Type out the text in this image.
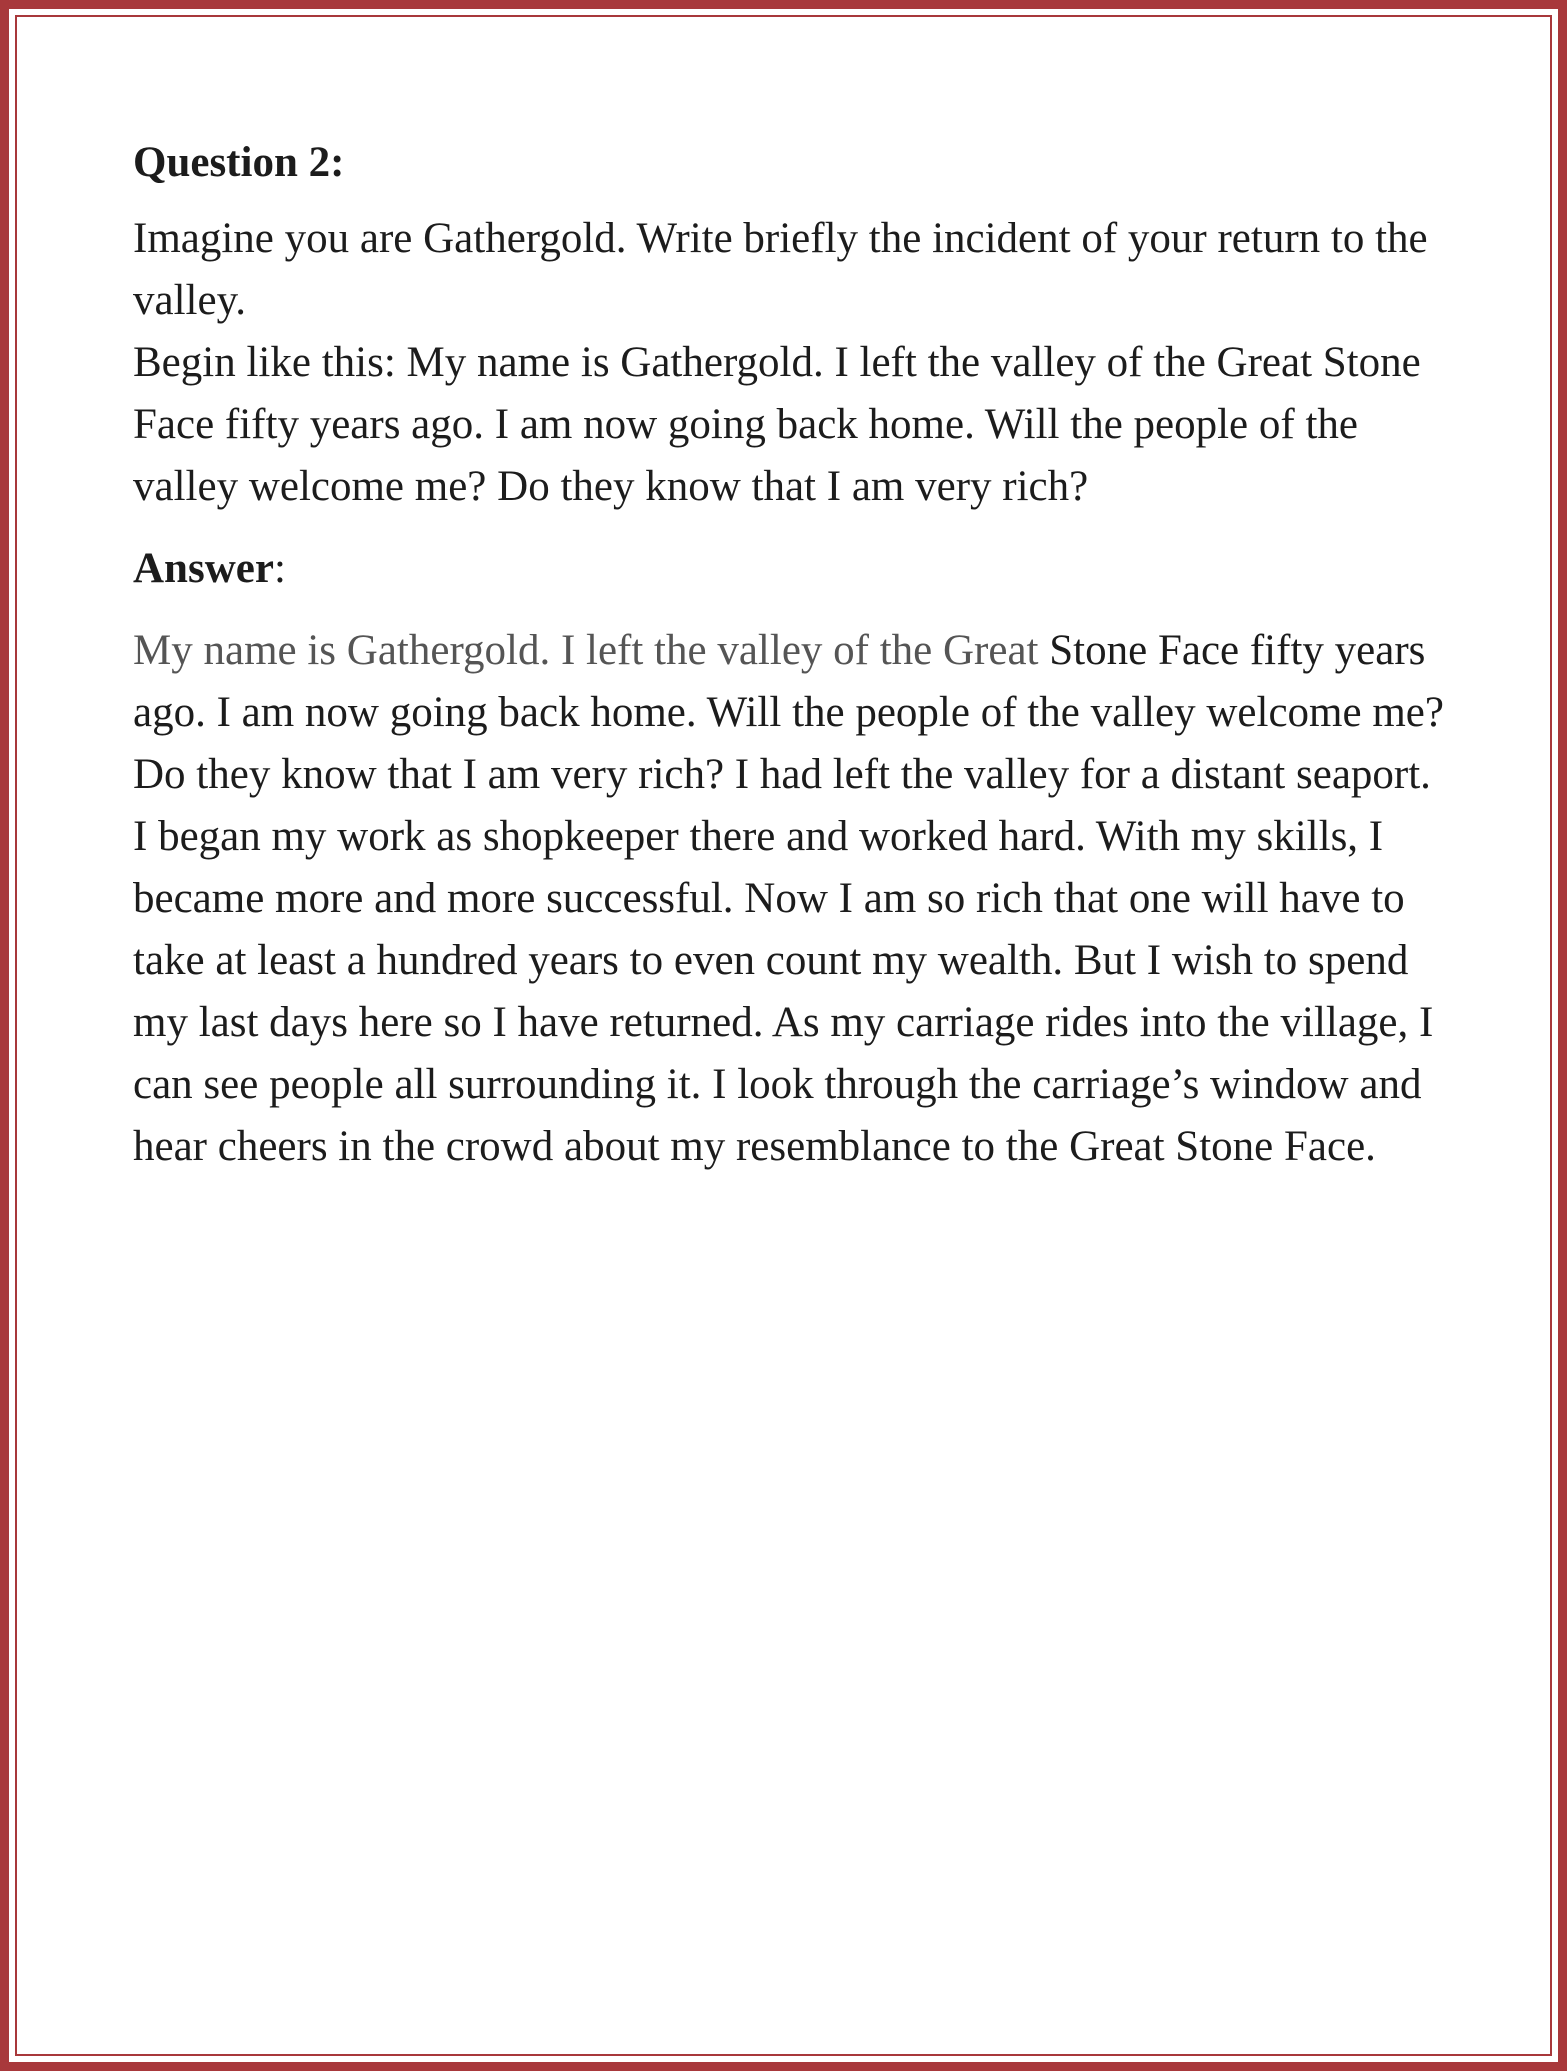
Question 2:

Imagine you are Gathergold. Write briefly the incident of your return to the valley.

Begin like this: My name is Gathergold. I left the valley of the Great Stone Face fifty years ago. I am now going back home. Will the people of the valley welcome me? Do they know that I am very rich?

Answer:

My name is Gathergold. I left the valley of the Great Stone Face fifty years ago. I am now going back home. Will the people of the valley welcome me? Do they know that I am very rich? I had left the valley for a distant seaport. I began my work as shopkeeper there and worked hard. With my skills, I became more and more successful. Now I am so rich that one will have to take at least a hundred years to even count my wealth. But I wish to spend my last days here so I have returned. As my carriage rides into the village, I can see people all surrounding it. I look through the carriage’s window and hear cheers in the crowd about my resemblance to the Great Stone Face.
